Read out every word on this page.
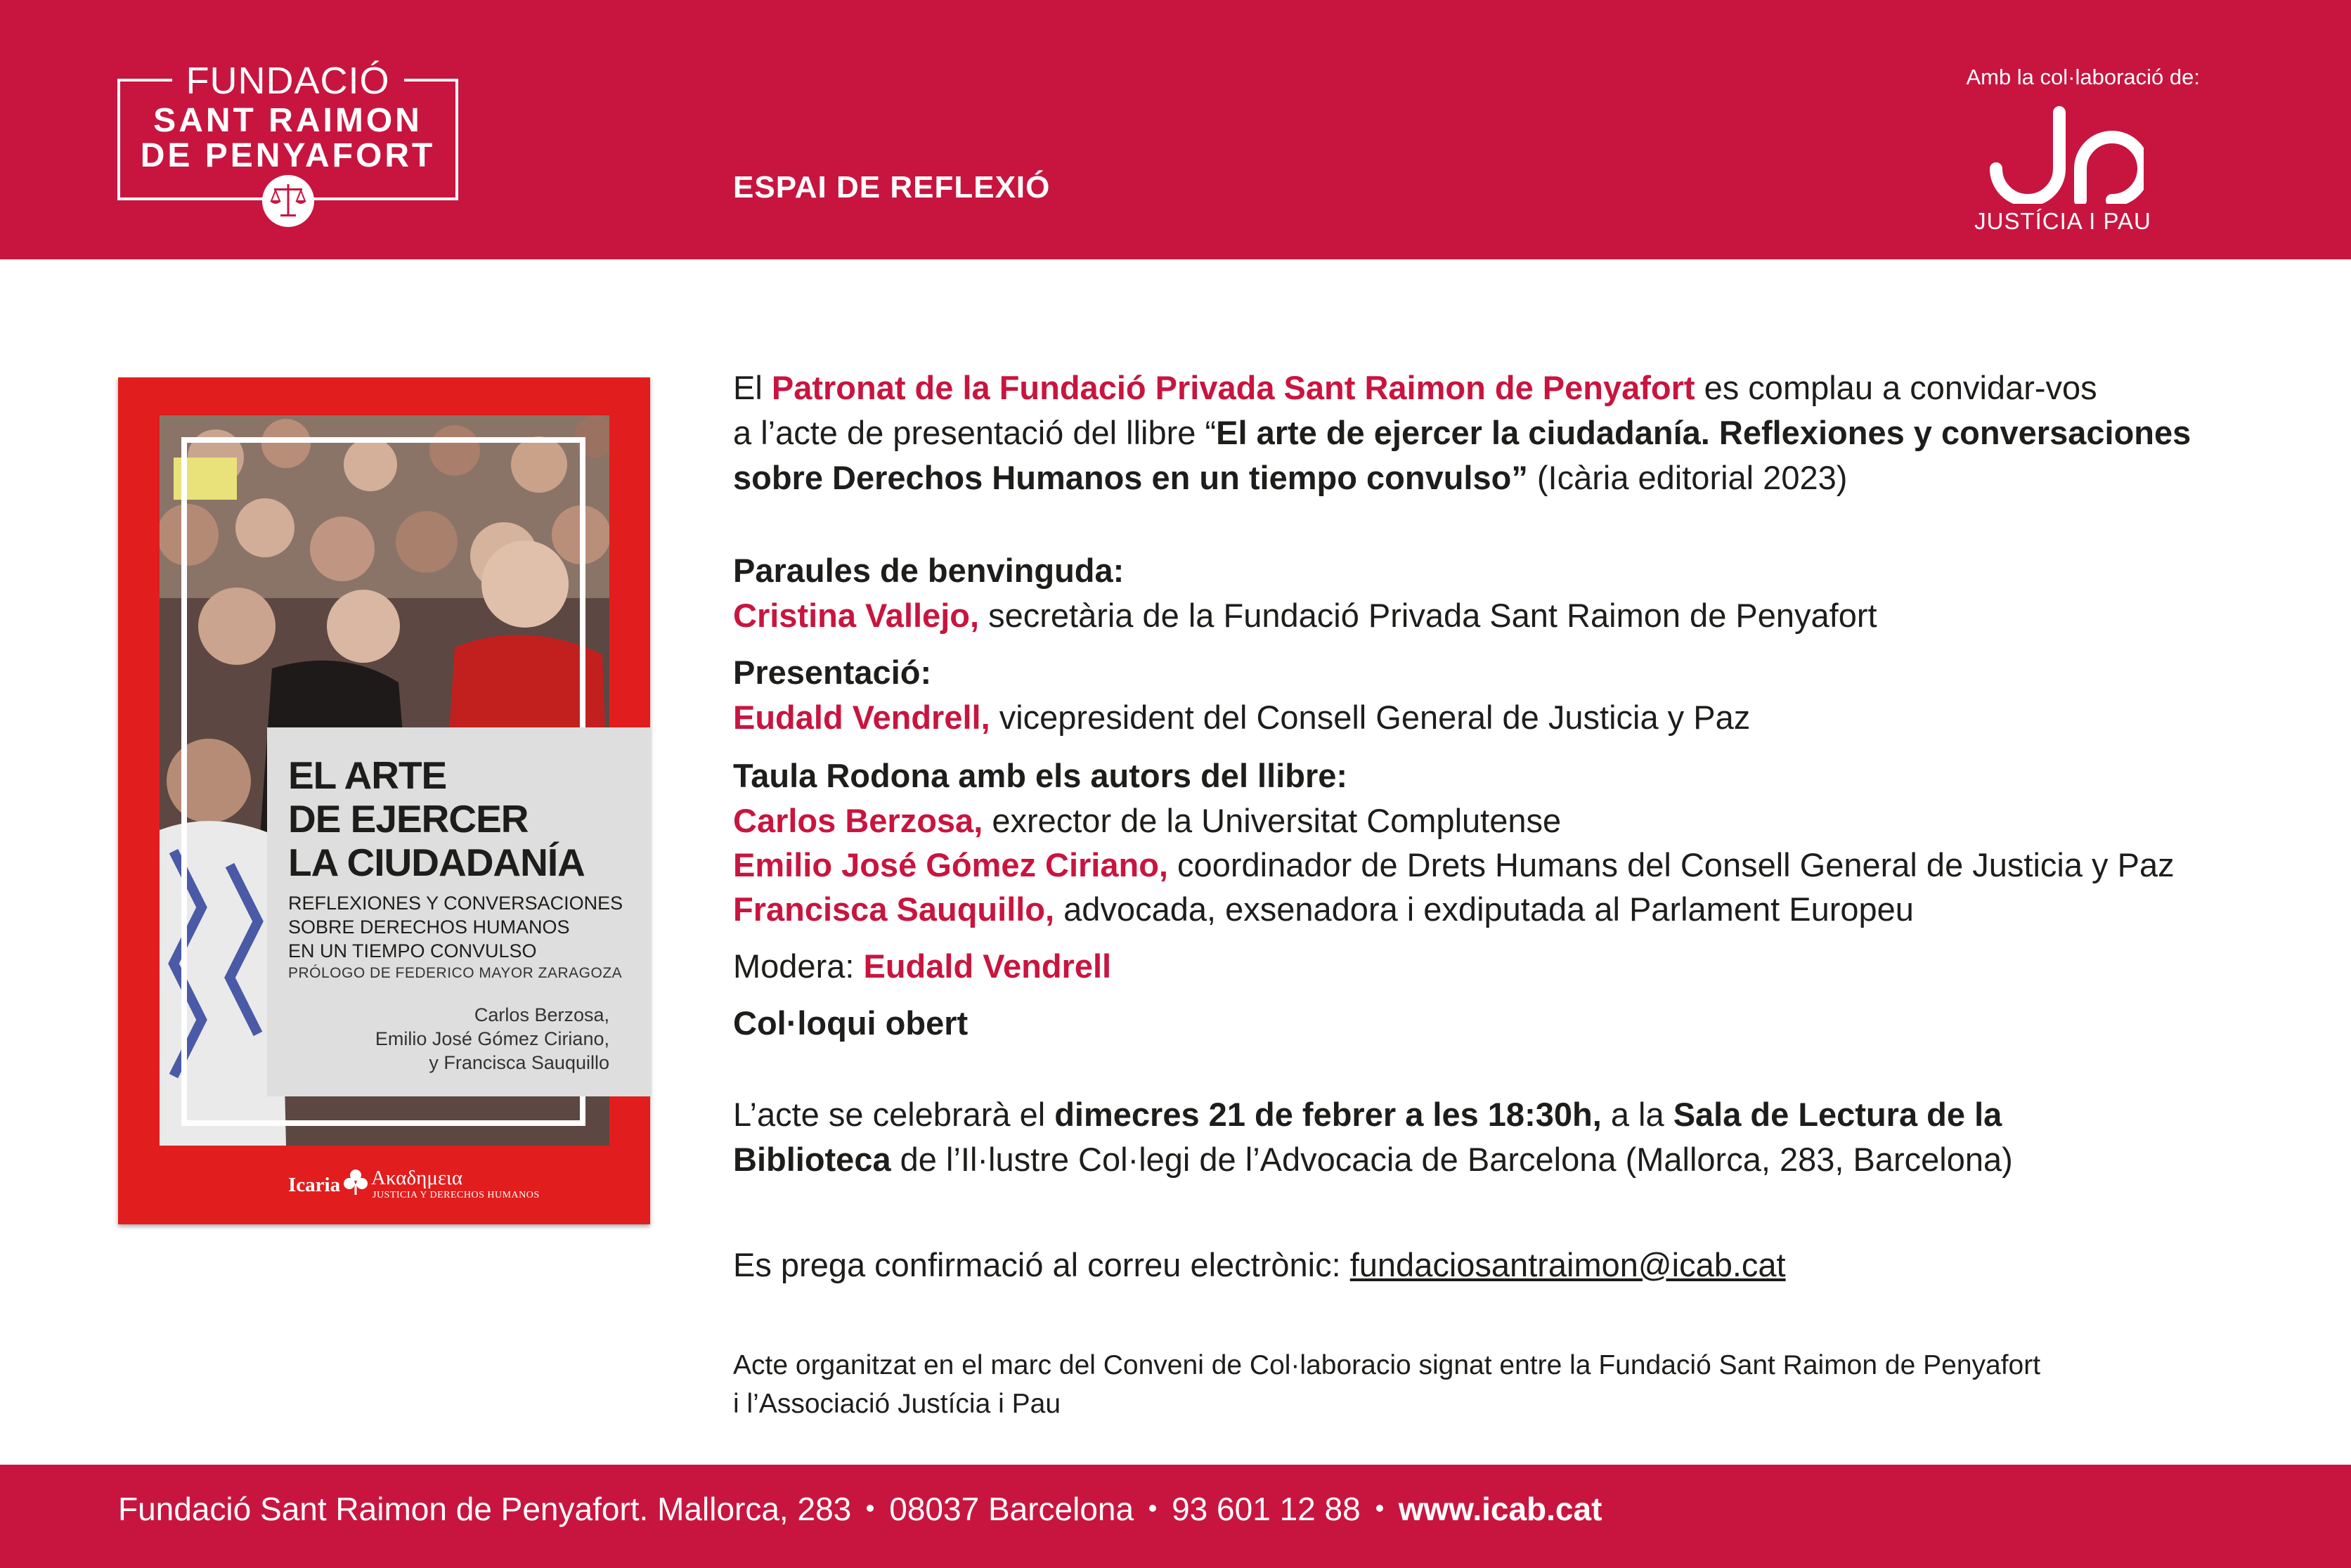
FUNDACIÓ
SANT RAIMON
DE PENYAFORT
ESPAI DE REFLEXIÓ
Amb la col·laboració de:
JUSTÍCIA I PAU
EL ARTE
DE EJERCER
LA CIUDADANÍA
REFLEXIONES Y CONVERSACIONES
SOBRE DERECHOS HUMANOS
EN UN TIEMPO CONVULSO
PRÓLOGO DE FEDERICO MAYOR ZARAGOZA
Carlos Berzosa,
Emilio José Gómez Ciriano,
y Francisca Sauquillo
Icaria Ακαδημεια
JUSTICIA Y DERECHOS HUMANOS
El Patronat de la Fundació Privada Sant Raimon de Penyafort es complau a convidar-vos
a l’acte de presentació del llibre “El arte de ejercer la ciudadanía. Reflexiones y conversaciones
sobre Derechos Humanos en un tiempo convulso” (Icària editorial 2023)
Paraules de benvinguda:
Cristina Vallejo, secretària de la Fundació Privada Sant Raimon de Penyafort
Presentació:
Eudald Vendrell, vicepresident del Consell General de Justicia y Paz
Taula Rodona amb els autors del llibre:
Carlos Berzosa, exrector de la Universitat Complutense
Emilio José Gómez Ciriano, coordinador de Drets Humans del Consell General de Justicia y Paz
Francisca Sauquillo, advocada, exsenadora i exdiputada al Parlament Europeu
Modera: Eudald Vendrell
Col·loqui obert
L’acte se celebrarà el dimecres 21 de febrer a les 18:30h, a la Sala de Lectura de la
Biblioteca de l’Il·lustre Col·legi de l’Advocacia de Barcelona (Mallorca, 283, Barcelona)
Es prega confirmació al correu electrònic: fundaciosantraimon@icab.cat
Acte organitzat en el marc del Conveni de Col·laboracio signat entre la Fundació Sant Raimon de Penyafort
i l’Associació Justícia i Pau
Fundació Sant Raimon de Penyafort. Mallorca, 283 08037 Barcelona 93 601 12 88 www.icab.cat
